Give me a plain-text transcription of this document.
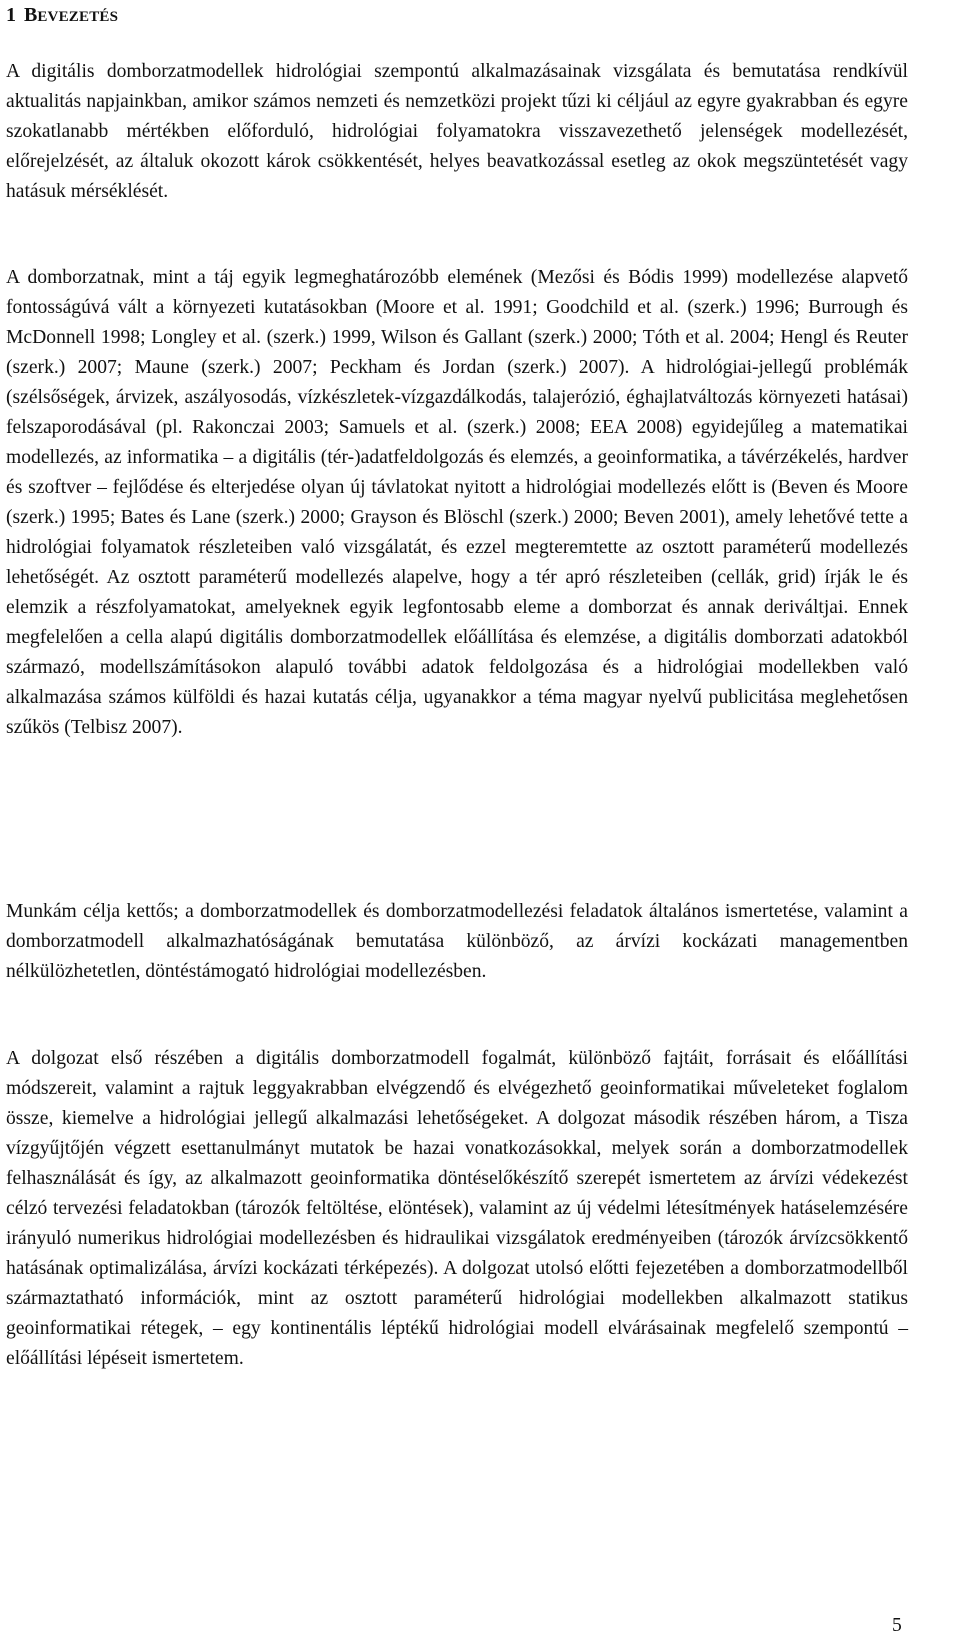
1 BEVEZETÉS

A digitális domborzatmodellek hidrológiai szempontú alkalmazásainak vizsgálata és bemutatása rendkívül aktualitás napjainkban, amikor számos nemzeti és nemzetközi projekt tűzi ki céljául az egyre gyakrabban és egyre szokatlanabb mértékben előforduló, hidrológiai folyamatokra visszavezethető jelenségek modellezését, előrejelzését, az általuk okozott károk csökkentését, helyes beavatkozással esetleg az okok megszüntetését vagy hatásuk mérséklését.

A domborzatnak, mint a táj egyik legmeghatározóbb elemének (Mezősi és Bódis 1999) modellezése alapvető fontosságúvá vált a környezeti kutatásokban (Moore et al. 1991; Goodchild et al. (szerk.) 1996; Burrough és McDonnell 1998; Longley et al. (szerk.) 1999, Wilson és Gallant (szerk.) 2000; Tóth et al. 2004; Hengl és Reuter (szerk.) 2007; Maune (szerk.) 2007; Peckham és Jordan (szerk.) 2007). A hidrológiai-jellegű problémák (szélsőségek, árvizek, aszályosodás, vízkészletek-vízgazdálkodás, talajerózió, éghajlatváltozás környezeti hatásai) felszaporodásával (pl. Rakonczai 2003; Samuels et al. (szerk.) 2008; EEA 2008) egyidejűleg a matematikai modellezés, az informatika – a digitális (tér-)adatfeldolgozás és elemzés, a geoinformatika, a távérzékelés, hardver és szoftver – fejlődése és elterjedése olyan új távlatokat nyitott a hidrológiai modellezés előtt is (Beven és Moore (szerk.) 1995; Bates és Lane (szerk.) 2000; Grayson és Blöschl (szerk.) 2000; Beven 2001), amely lehetővé tette a hidrológiai folyamatok részleteiben való vizsgálatát, és ezzel megteremtette az osztott paraméterű modellezés lehetőségét. Az osztott paraméterű modellezés alapelve, hogy a tér apró részleteiben (cellák, grid) írják le és elemzik a részfolyamatokat, amelyeknek egyik legfontosabb eleme a domborzat és annak deriváltjai. Ennek megfelelően a cella alapú digitális domborzatmodellek előállítása és elemzése, a digitális domborzati adatokból származó, modellszámításokon alapuló további adatok feldolgozása és a hidrológiai modellekben való alkalmazása számos külföldi és hazai kutatás célja, ugyanakkor a téma magyar nyelvű publicitása meglehetősen szűkös (Telbisz 2007).

Munkám célja kettős; a domborzatmodellek és domborzatmodellezési feladatok általános ismertetése, valamint a domborzatmodell alkalmazhatóságának bemutatása különböző, az árvízi kockázati managementben nélkülözhetetlen, döntéstámogató hidrológiai modellezésben.

A dolgozat első részében a digitális domborzatmodell fogalmát, különböző fajtáit, forrásait és előállítási módszereit, valamint a rajtuk leggyakrabban elvégzendő és elvégezhető geoinformatikai műveleteket foglalom össze, kiemelve a hidrológiai jellegű alkalmazási lehetőségeket. A dolgozat második részében három, a Tisza vízgyűjtőjén végzett esettanulmányt mutatok be hazai vonatkozásokkal, melyek során a domborzatmodellek felhasználását és így, az alkalmazott geoinformatika döntéselőkészítő szerepét ismertetem az árvízi védekezést célzó tervezési feladatokban (tározók feltöltése, elöntések), valamint az új védelmi létesítmények hatáselemzésére irányuló numerikus hidrológiai modellezésben és hidraulikai vizsgálatok eredményeiben (tározók árvízcsökkentő hatásának optimalizálása, árvízi kockázati térképezés). A dolgozat utolsó előtti fejezetében a domborzatmodellből származtatható információk, mint az osztott paraméterű hidrológiai modellekben alkalmazott statikus geoinformatikai rétegek, – egy kontinentális léptékű hidrológiai modell elvárásainak megfelelő szempontú – előállítási lépéseit ismertetem.

5
